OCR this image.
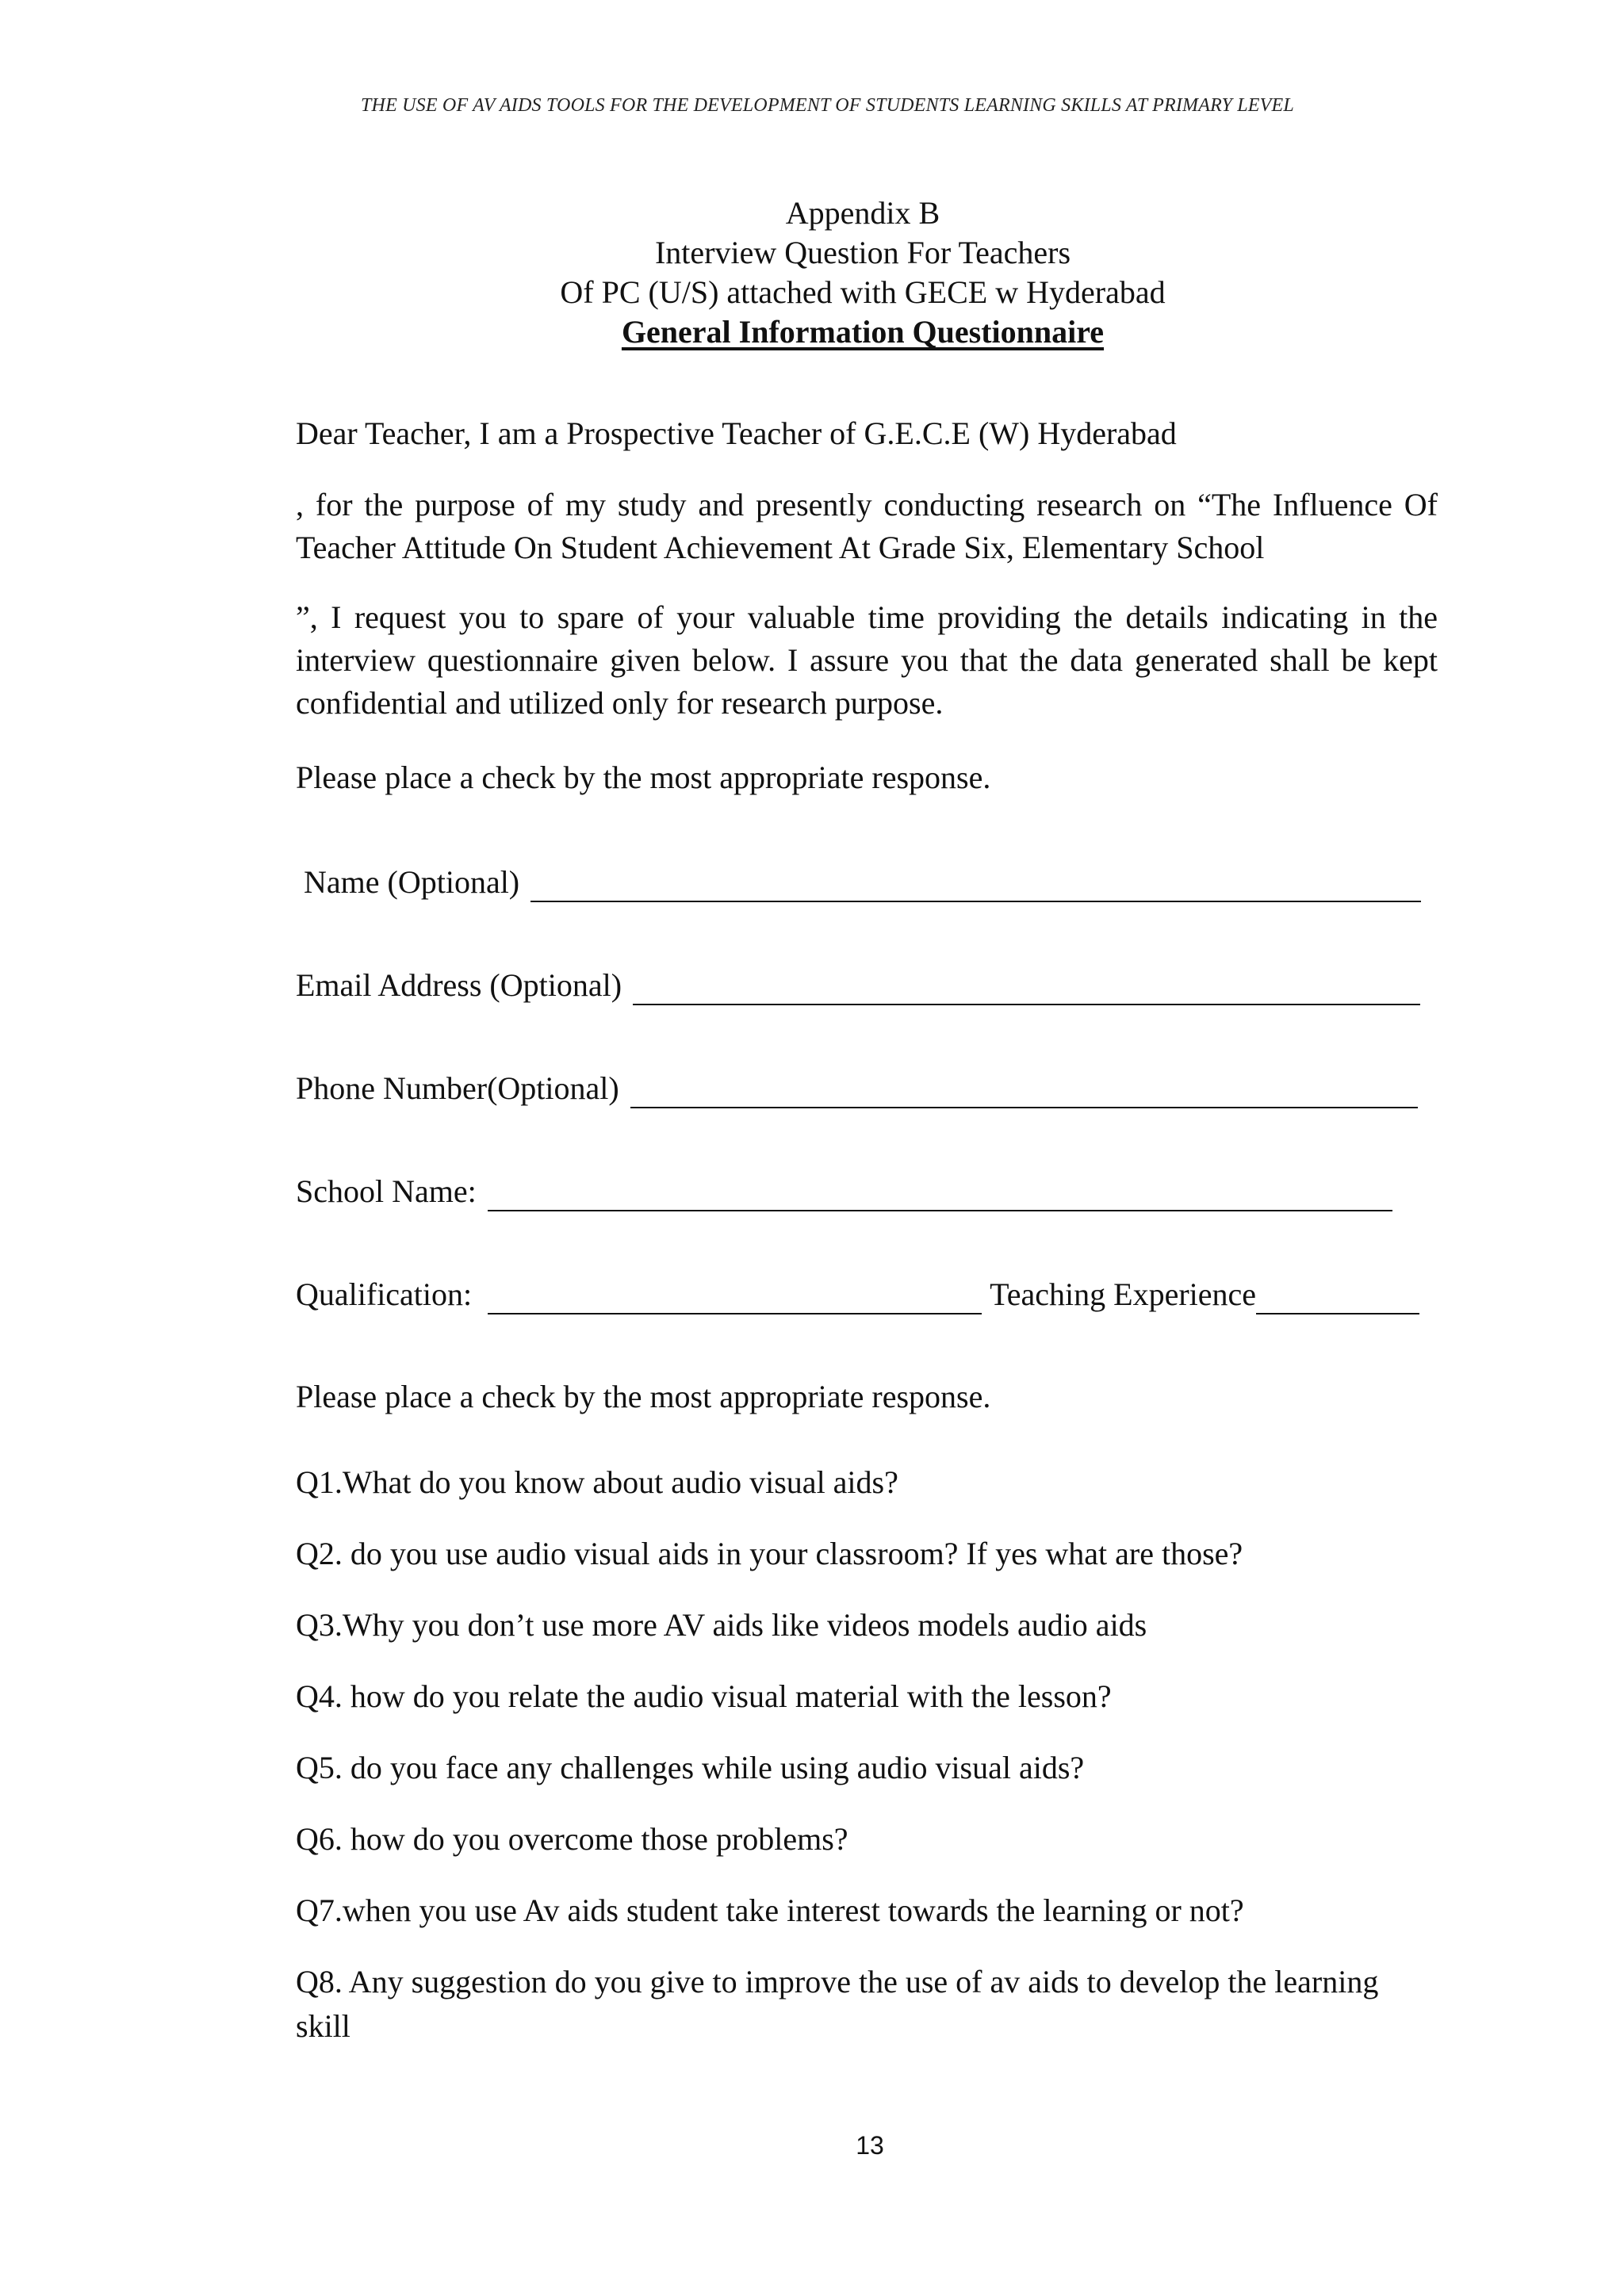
THE USE OF AV AIDS TOOLS FOR THE DEVELOPMENT OF STUDENTS LEARNING SKILLS AT PRIMARY LEVEL
Appendix B
Interview Question For Teachers
Of PC (U/S) attached with GECE w Hyderabad
General Information Questionnaire
Dear Teacher, I am a Prospective Teacher of G.E.C.E (W) Hyderabad
, for the purpose of my study and presently conducting research on “The Influence Of Teacher Attitude On Student Achievement At Grade Six, Elementary School
”, I request you to spare of your valuable time providing the details indicating in the interview questionnaire given below. I assure you that the data generated shall be kept confidential and utilized only for research purpose.
Please place a check by the most appropriate response.
Name (Optional)
Email Address (Optional)
Phone Number(Optional)
School Name:
Qualification:	Teaching Experience
Please place a check by the most appropriate response.
Q1.What do you know about audio visual aids?
Q2. do you use audio visual aids in your classroom? If yes what are those?
Q3.Why you don’t use more AV aids like videos models audio aids
Q4. how do you relate the audio visual material with the lesson?
Q5. do you face any challenges while using audio visual aids?
Q6. how do you overcome those problems?
Q7.when you use Av aids student take interest towards the learning or not?
Q8. Any suggestion do you give to improve the use of av aids to develop the learning skill
13
